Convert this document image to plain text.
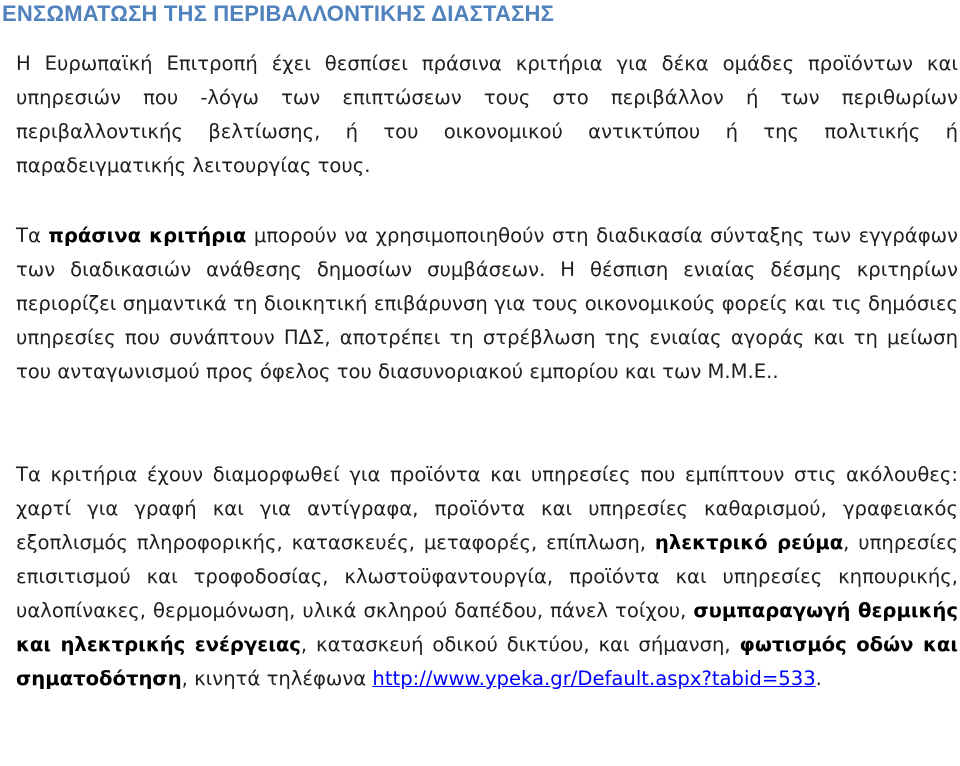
ΕΝΣΩΜΑΤΩΣΗ ΤΗΣ ΠΕΡΙΒΑΛΛΟΝΤΙΚΗΣ ΔΙΑΣΤΑΣΗΣ

Η Ευρωπαϊκή Επιτροπή έχει θεσπίσει πράσινα κριτήρια για δέκα ομάδες προϊόντων και υπηρεσιών που -λόγω των επιπτώσεων τους στο περιβάλλον ή των περιθωρίων περιβαλλοντικής βελτίωσης, ή του οικονομικού αντικτύπου ή της πολιτικής ή παραδειγματικής λειτουργίας τους.

Τα πράσινα κριτήρια μπορούν να χρησιμοποιηθούν στη διαδικασία σύνταξης των εγγράφων των διαδικασιών ανάθεσης δημοσίων συμβάσεων. Η θέσπιση ενιαίας δέσμης κριτηρίων περιορίζει σημαντικά τη διοικητική επιβάρυνση για τους οικονομικούς φορείς και τις δημόσιες υπηρεσίες που συνάπτουν ΠΔΣ, αποτρέπει τη στρέβλωση της ενιαίας αγοράς και τη μείωση του ανταγωνισμού προς όφελος του διασυνοριακού εμπορίου και των Μ.Μ.Ε..

Τα κριτήρια έχουν διαμορφωθεί για προϊόντα και υπηρεσίες που εμπίπτουν στις ακόλουθες: χαρτί για γραφή και για αντίγραφα, προϊόντα και υπηρεσίες καθαρισμού, γραφειακός εξοπλισμός πληροφορικής, κατασκευές, μεταφορές, επίπλωση, ηλεκτρικό ρεύμα, υπηρεσίες επισιτισμού και τροφοδοσίας, κλωστοϋφαντουργία, προϊόντα και υπηρεσίες κηπουρικής, υαλοπίνακες, θερμομόνωση, υλικά σκληρού δαπέδου, πάνελ τοίχου, συμπαραγωγή θερμικής και ηλεκτρικής ενέργειας, κατασκευή οδικού δικτύου, και σήμανση, φωτισμός οδών και σηματοδότηση, κινητά τηλέφωνα http://www.ypeka.gr/Default.aspx?tabid=533.
